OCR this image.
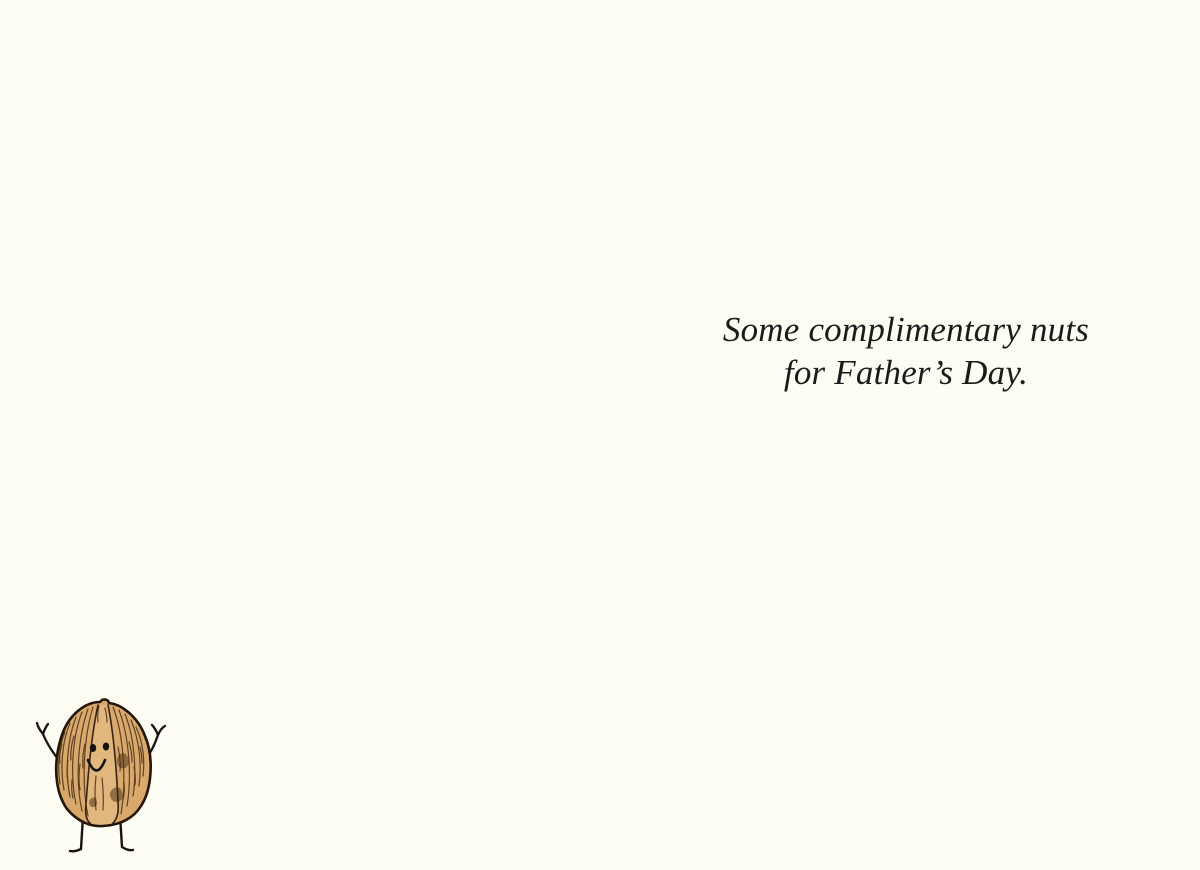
Some complimentary nuts
for Father’s Day.
